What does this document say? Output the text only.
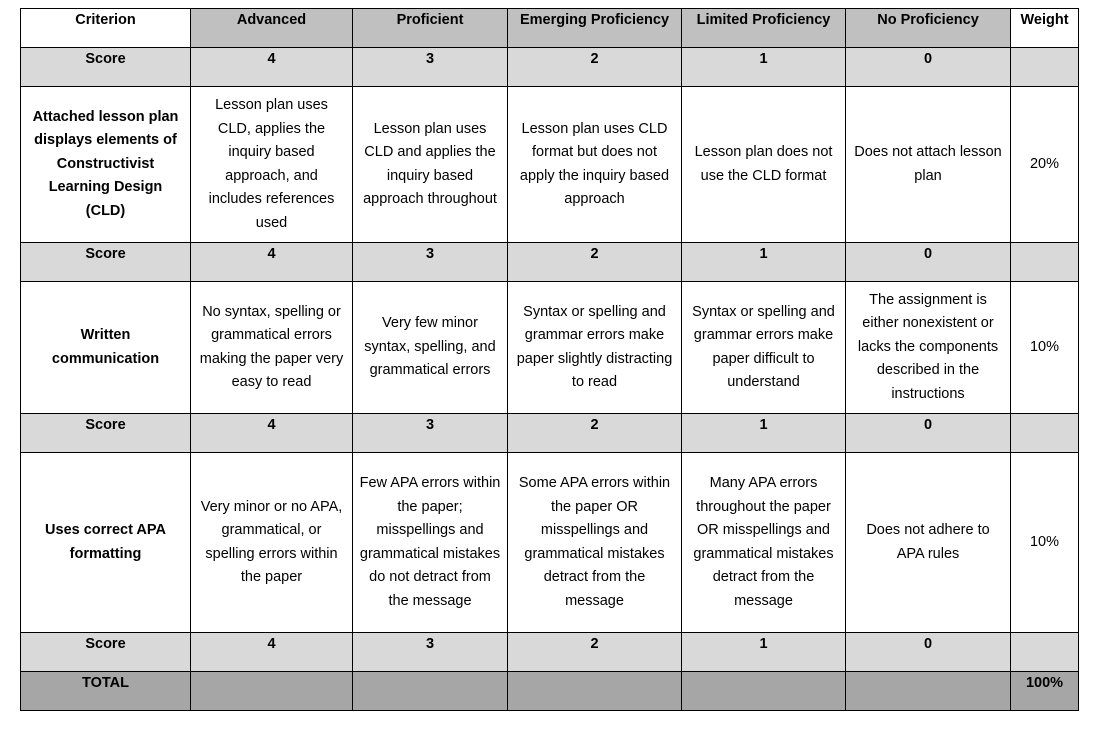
Criterion	Advanced	Proficient	Emerging Proficiency	Limited Proficiency	No Proficiency	Weight
Score	4	3	2	1	0	
Attached lesson plan displays elements of Constructivist Learning Design (CLD)	Lesson plan uses CLD, applies the inquiry based approach, and includes references used	Lesson plan uses CLD and applies the inquiry based approach throughout	Lesson plan uses CLD format but does not apply the inquiry based approach	Lesson plan does not use the CLD format	Does not attach lesson plan	20%
Score	4	3	2	1	0	
Written communication	No syntax, spelling or grammatical errors making the paper very easy to read	Very few minor syntax, spelling, and grammatical errors	Syntax or spelling and grammar errors make paper slightly distracting to read	Syntax or spelling and grammar errors make paper difficult to understand	The assignment is either nonexistent or lacks the components described in the instructions	10%
Score	4	3	2	1	0	
Uses correct APA formatting	Very minor or no APA, grammatical, or spelling errors within the paper	Few APA errors within the paper; misspellings and grammatical mistakes do not detract from the message	Some APA errors within the paper OR misspellings and grammatical mistakes detract from the message	Many APA errors throughout the paper OR misspellings and grammatical mistakes detract from the message	Does not adhere to APA rules	10%
Score	4	3	2	1	0	
TOTAL						100%
